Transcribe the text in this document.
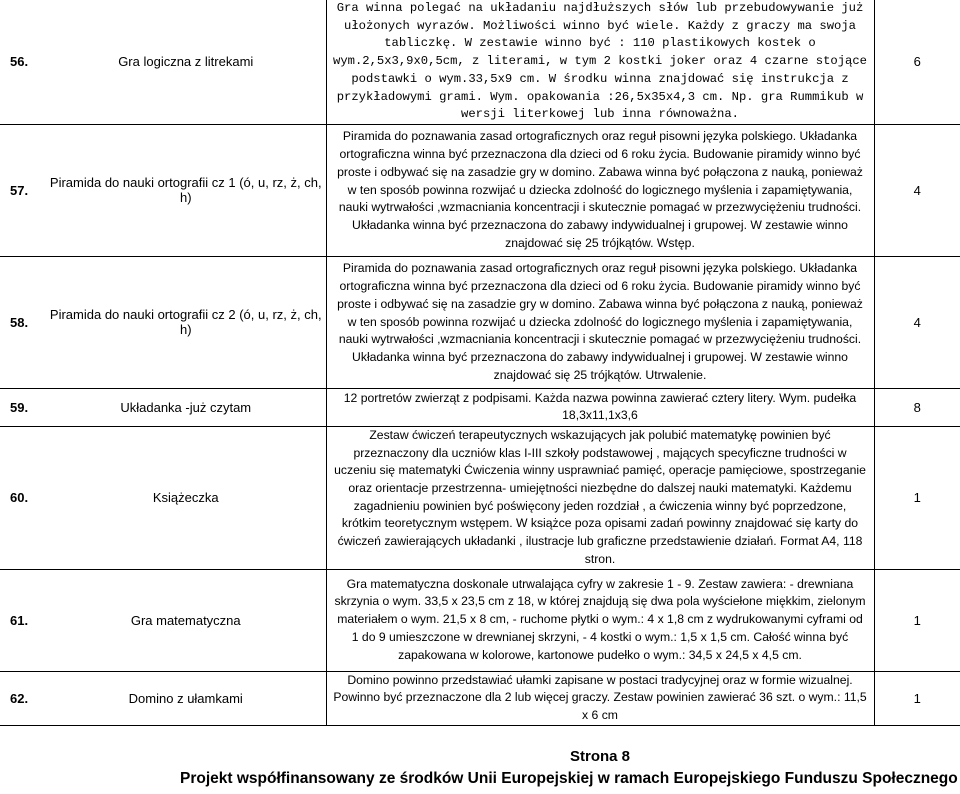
56.	Gra logiczna z litrekami	Gra winna polegać na układaniu najdłuższych słów lub przebudowywanie już ułożonych wyrazów. Możliwości winno być wiele. Każdy z graczy ma swoja tabliczkę. W zestawie winno być : 110 plastikowych kostek o wym.2,5x3,9x0,5cm, z literami, w tym 2 kostki joker oraz 4 czarne stojące podstawki o wym.33,5x9 cm. W środku winna znajdować się instrukcja z przykładowymi grami. Wym. opakowania :26,5x35x4,3 cm. Np. gra Rummikub w wersji literkowej lub inna równoważna.	6
57.	Piramida do nauki ortografii cz 1 (ó, u, rz, ż, ch, h)	Piramida do poznawania zasad ortograficznych oraz reguł pisowni języka polskiego. Układanka ortograficzna winna być przeznaczona dla dzieci od 6 roku życia. Budowanie piramidy winno być proste i odbywać się na zasadzie gry w domino. Zabawa winna być połączona z nauką, ponieważ w ten sposób powinna rozwijać u dziecka zdolność do logicznego myślenia i zapamiętywania, nauki wytrwałości ,wzmacniania koncentracji i skutecznie pomagać w przezwyciężeniu trudności. Układanka winna być przeznaczona do zabawy indywidualnej i grupowej. W zestawie winno znajdować się 25 trójkątów. Wstęp.	4
58.	Piramida do nauki ortografii cz 2 (ó, u, rz, ż, ch, h)	Piramida do poznawania zasad ortograficznych oraz reguł pisowni języka polskiego. Układanka ortograficzna winna być przeznaczona dla dzieci od 6 roku życia. Budowanie piramidy winno być proste i odbywać się na zasadzie gry w domino. Zabawa winna być połączona z nauką, ponieważ w ten sposób powinna rozwijać u dziecka zdolność do logicznego myślenia i zapamiętywania, nauki wytrwałości ,wzmacniania koncentracji i skutecznie pomagać w przezwyciężeniu trudności. Układanka winna być przeznaczona do zabawy indywidualnej i grupowej. W zestawie winno znajdować się 25 trójkątów. Utrwalenie.	4
59.	Układanka -już czytam	12 portretów zwierząt z podpisami. Każda nazwa powinna zawierać cztery litery. Wym. pudełka 18,3x11,1x3,6	8
60.	Książeczka	Zestaw ćwiczeń terapeutycznych wskazujących jak polubić matematykę powinien być przeznaczony dla uczniów klas I-III szkoły podstawowej , mających specyficzne trudności w uczeniu się matematyki Ćwiczenia winny usprawniać pamięć, operacje pamięciowe, spostrzeganie oraz orientacje przestrzenna- umiejętności niezbędne do dalszej nauki matematyki. Każdemu zagadnieniu powinien być poświęcony jeden rozdział , a ćwiczenia winny być poprzedzone, krótkim teoretycznym wstępem. W książce poza opisami zadań powinny znajdować się karty do ćwiczeń zawierających układanki , ilustracje lub graficzne przedstawienie działań. Format A4, 118 stron.	1
61.	Gra matematyczna	Gra matematyczna doskonale utrwalająca cyfry w zakresie 1 - 9. Zestaw zawiera: - drewniana skrzynia o wym. 33,5 x 23,5 cm z 18, w której znajdują się dwa pola wyściełone miękkim, zielonym materiałem o wym. 21,5 x 8 cm, - ruchome płytki o wym.: 4 x 1,8 cm z wydrukowanymi cyframi od 1 do 9 umieszczone w drewnianej skrzyni, - 4 kostki o wym.: 1,5 x 1,5 cm. Całość winna być zapakowana w kolorowe, kartonowe pudełko o wym.: 34,5 x 24,5 x 4,5 cm.	1
62.	Domino z ułamkami	Domino powinno przedstawiać ułamki zapisane w postaci tradycyjnej oraz w formie wizualnej. Powinno być przeznaczone dla 2 lub więcej graczy. Zestaw powinien zawierać 36 szt. o wym.: 11,5 x 6 cm	1
Strona 8
Projekt współfinansowany ze środków Unii Europejskiej w ramach Europejskiego Funduszu Społecznego
